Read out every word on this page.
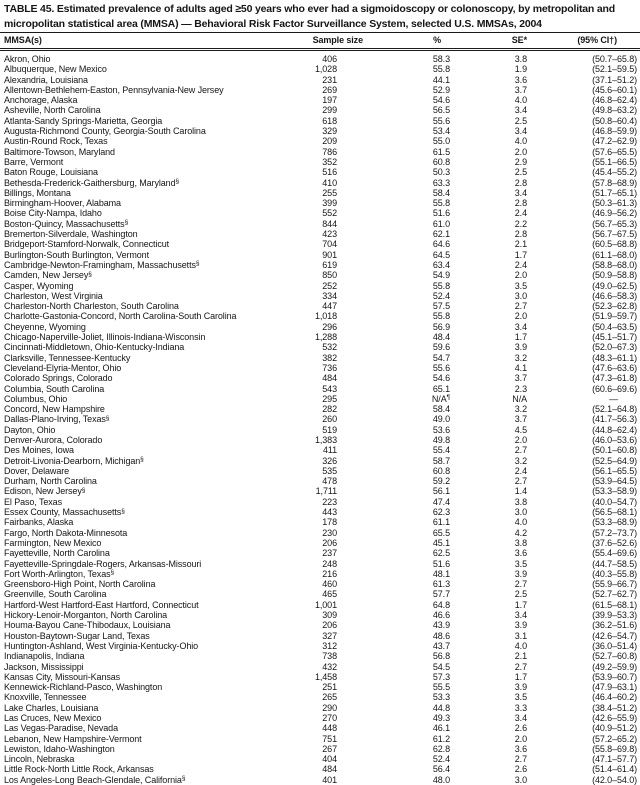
TABLE 45. Estimated prevalence of adults aged ≥50 years who ever had a sigmoidoscopy or colonoscopy, by metropolitan and
micropolitan statistical area (MMSA) — Behavioral Risk Factor Surveillance System, selected U.S. MMSAs, 2004
MMSA(s)	Sample size	%	SE*	(95% CI†)
Akron, Ohio	406	58.3	3.8	(50.7–65.8)
Albuquerque, New Mexico	1,028	55.8	1.9	(52.1–59.5)
Alexandria, Louisiana	231	44.1	3.6	(37.1–51.2)
Allentown-Bethlehem-Easton, Pennsylvania-New Jersey	269	52.9	3.7	(45.6–60.1)
Anchorage, Alaska	197	54.6	4.0	(46.8–62.4)
Asheville, North Carolina	299	56.5	3.4	(49.8–63.2)
Atlanta-Sandy Springs-Marietta, Georgia	618	55.6	2.5	(50.8–60.4)
Augusta-Richmond County, Georgia-South Carolina	329	53.4	3.4	(46.8–59.9)
Austin-Round Rock, Texas	209	55.0	4.0	(47.2–62.9)
Baltimore-Towson, Maryland	786	61.5	2.0	(57.6–65.5)
Barre, Vermont	352	60.8	2.9	(55.1–66.5)
Baton Rouge, Louisiana	516	50.3	2.5	(45.4–55.2)
Bethesda-Frederick-Gaithersburg, Maryland§	410	63.3	2.8	(57.8–68.9)
Billings, Montana	255	58.4	3.4	(51.7–65.1)
Birmingham-Hoover, Alabama	399	55.8	2.8	(50.3–61.3)
Boise City-Nampa, Idaho	552	51.6	2.4	(46.9–56.2)
Boston-Quincy, Massachusetts§	844	61.0	2.2	(56.7–65.3)
Bremerton-Silverdale, Washington	423	62.1	2.8	(56.7–67.5)
Bridgeport-Stamford-Norwalk, Connecticut	704	64.6	2.1	(60.5–68.8)
Burlington-South Burlington, Vermont	901	64.5	1.7	(61.1–68.0)
Cambridge-Newton-Framingham, Massachusetts§	619	63.4	2.4	(58.8–68.0)
Camden, New Jersey§	850	54.9	2.0	(50.9–58.8)
Casper, Wyoming	252	55.8	3.5	(49.0–62.5)
Charleston, West Virginia	334	52.4	3.0	(46.6–58.3)
Charleston-North Charleston, South Carolina	447	57.5	2.7	(52.3–62.8)
Charlotte-Gastonia-Concord, North Carolina-South Carolina	1,018	55.8	2.0	(51.9–59.7)
Cheyenne, Wyoming	296	56.9	3.4	(50.4–63.5)
Chicago-Naperville-Joliet, Illinois-Indiana-Wisconsin	1,288	48.4	1.7	(45.1–51.7)
Cincinnati-Middletown, Ohio-Kentucky-Indiana	532	59.6	3.9	(52.0–67.3)
Clarksville, Tennessee-Kentucky	382	54.7	3.2	(48.3–61.1)
Cleveland-Elyria-Mentor, Ohio	736	55.6	4.1	(47.6–63.6)
Colorado Springs, Colorado	484	54.6	3.7	(47.3–61.8)
Columbia, South Carolina	543	65.1	2.3	(60.6–69.6)
Columbus, Ohio	295	N/A¶	N/A	—
Concord, New Hampshire	282	58.4	3.2	(52.1–64.8)
Dallas-Plano-Irving, Texas§	260	49.0	3.7	(41.7–56.3)
Dayton, Ohio	519	53.6	4.5	(44.8–62.4)
Denver-Aurora, Colorado	1,383	49.8	2.0	(46.0–53.6)
Des Moines, Iowa	411	55.4	2.7	(50.1–60.8)
Detroit-Livonia-Dearborn, Michigan§	326	58.7	3.2	(52.5–64.9)
Dover, Delaware	535	60.8	2.4	(56.1–65.5)
Durham, North Carolina	478	59.2	2.7	(53.9–64.5)
Edison, New Jersey§	1,711	56.1	1.4	(53.3–58.9)
El Paso, Texas	223	47.4	3.8	(40.0–54.7)
Essex County, Massachusetts§	443	62.3	3.0	(56.5–68.1)
Fairbanks, Alaska	178	61.1	4.0	(53.3–68.9)
Fargo, North Dakota-Minnesota	230	65.5	4.2	(57.2–73.7)
Farmington, New Mexico	206	45.1	3.8	(37.6–52.6)
Fayetteville, North Carolina	237	62.5	3.6	(55.4–69.6)
Fayetteville-Springdale-Rogers, Arkansas-Missouri	248	51.6	3.5	(44.7–58.5)
Fort Worth-Arlington, Texas§	216	48.1	3.9	(40.3–55.8)
Greensboro-High Point, North Carolina	460	61.3	2.7	(55.9–66.7)
Greenville, South Carolina	465	57.7	2.5	(52.7–62.7)
Hartford-West Hartford-East Hartford, Connecticut	1,001	64.8	1.7	(61.5–68.1)
Hickory-Lenoir-Morganton, North Carolina	309	46.6	3.4	(39.9–53.3)
Houma-Bayou Cane-Thibodaux, Louisiana	206	43.9	3.9	(36.2–51.6)
Houston-Baytown-Sugar Land, Texas	327	48.6	3.1	(42.6–54.7)
Huntington-Ashland, West Virginia-Kentucky-Ohio	312	43.7	4.0	(36.0–51.4)
Indianapolis, Indiana	738	56.8	2.1	(52.7–60.8)
Jackson, Mississippi	432	54.5	2.7	(49.2–59.9)
Kansas City, Missouri-Kansas	1,458	57.3	1.7	(53.9–60.7)
Kennewick-Richland-Pasco, Washington	251	55.5	3.9	(47.9–63.1)
Knoxville, Tennessee	265	53.3	3.5	(46.4–60.2)
Lake Charles, Louisiana	290	44.8	3.3	(38.4–51.2)
Las Cruces, New Mexico	270	49.3	3.4	(42.6–55.9)
Las Vegas-Paradise, Nevada	448	46.1	2.6	(40.9–51.2)
Lebanon, New Hampshire-Vermont	751	61.2	2.0	(57.2–65.2)
Lewiston, Idaho-Washington	267	62.8	3.6	(55.8–69.8)
Lincoln, Nebraska	404	52.4	2.7	(47.1–57.7)
Little Rock-North Little Rock, Arkansas	484	56.4	2.6	(51.4–61.4)
Los Angeles-Long Beach-Glendale, California§	401	48.0	3.0	(42.0–54.0)
